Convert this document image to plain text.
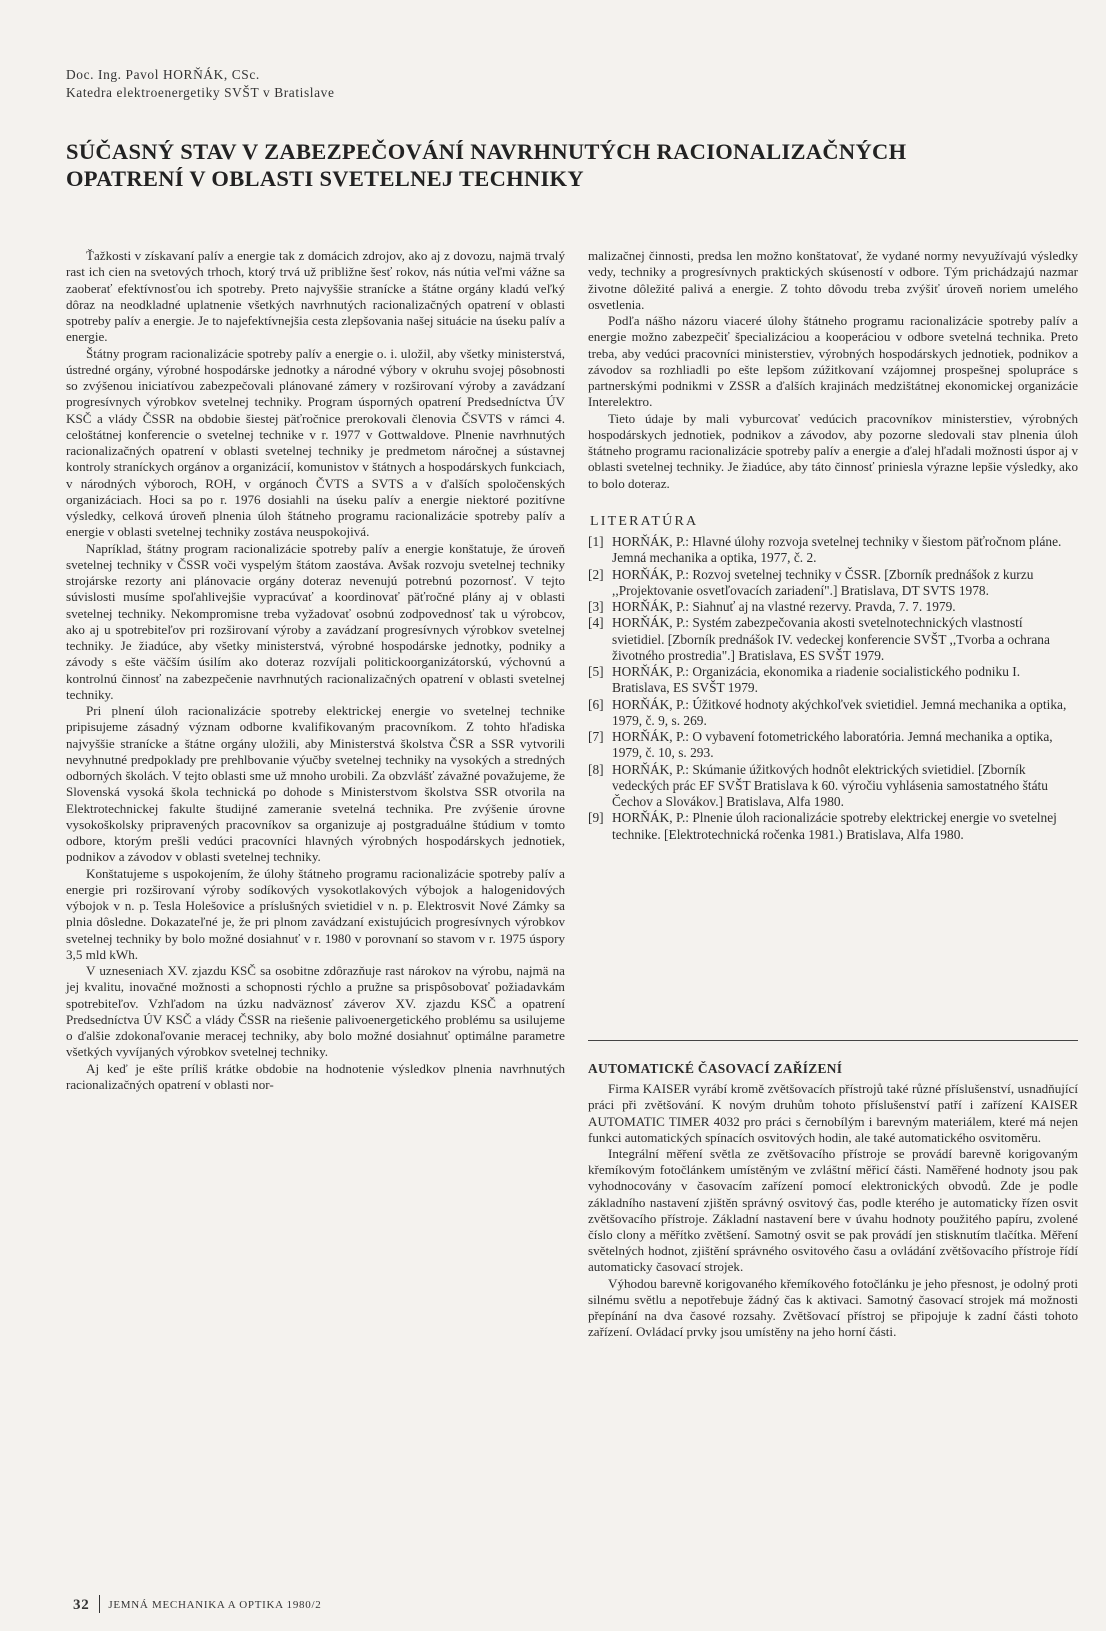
Doc. Ing. Pavol HORŇÁK, CSc.
Katedra elektroenergetiky SVŠT v Bratislave
SÚČASNÝ STAV V ZABEZPEČOVÁNÍ NAVRHNUTÝCH RACIONALIZAČNÝCH
OPATRENÍ V OBLASTI SVETELNEJ TECHNIKY

Ťažkosti v získavaní palív a energie tak z domácich zdrojov, ako aj z dovozu, najmä trvalý rast ich cien na svetových trhoch, ktorý trvá už približne šesť rokov, nás nútia veľmi vážne sa zaoberať efektívnosťou ich spotreby. Preto najvyššie stranícke a štátne orgány kladú veľký dôraz na neodkladné uplatnenie všetkých navrhnutých racionalizačných opatrení v oblasti spotreby palív a energie. Je to najefektívnejšia cesta zlepšovania našej situácie na úseku palív a energie.

Štátny program racionalizácie spotreby palív a energie o. i. uložil, aby všetky ministerstvá, ústredné orgány, výrobné hospodárske jednotky a národné výbory v okruhu svojej pôsobnosti so zvýšenou iniciatívou zabezpečovali plánované zámery v rozširovaní výroby a zavádzaní progresívnych výrobkov svetelnej techniky. Program úsporných opatrení Predsedníctva ÚV KSČ a vlády ČSSR na obdobie šiestej päťročnice prerokovali členovia ČSVTS v rámci 4. celoštátnej konferencie o svetelnej technike v r. 1977 v Gottwaldove. Plnenie navrhnutých racionalizačných opatrení v oblasti svetelnej techniky je predmetom náročnej a sústavnej kontroly straníckych orgánov a organizácií, komunistov v štátnych a hospodárskych funkciach, v národných výboroch, ROH, v orgánoch ČVTS a SVTS a v ďalších spoločenských organizáciach. Hoci sa po r. 1976 dosiahli na úseku palív a energie niektoré pozitívne výsledky, celková úroveň plnenia úloh štátneho programu racionalizácie spotreby palív a energie v oblasti svetelnej techniky zostáva neuspokojivá.

Napríklad, štátny program racionalizácie spotreby palív a energie konštatuje, že úroveň svetelnej techniky v ČSSR voči vyspelým štátom zaostáva. Avšak rozvoju svetelnej techniky strojárske rezorty ani plánovacie orgány doteraz nevenujú potrebnú pozornosť. V tejto súvislosti musíme spoľahlivejšie vypracúvať a koordinovať päťročné plány aj v oblasti svetelnej techniky. Nekompromisne treba vyžadovať osobnú zodpovednosť tak u výrobcov, ako aj u spotrebiteľov pri rozširovaní výroby a zavádzaní progresívnych výrobkov svetelnej techniky. Je žiadúce, aby všetky ministerstvá, výrobné hospodárske jednotky, podniky a závody s ešte väčším úsilím ako doteraz rozvíjali politickoorganizátorskú, výchovnú a kontrolnú činnosť na zabezpečenie navrhnutých racionalizačných opatrení v oblasti svetelnej techniky.

Pri plnení úloh racionalizácie spotreby elektrickej energie vo svetelnej technike pripisujeme zásadný význam odborne kvalifikovaným pracovníkom. Z tohto hľadiska najvyššie stranícke a štátne orgány uložili, aby Ministerstvá školstva ČSR a SSR vytvorili nevyhnutné predpoklady pre prehlbovanie výučby svetelnej techniky na vysokých a stredných odborných školách. V tejto oblasti sme už mnoho urobili. Za obzvlášť závažné považujeme, že Slovenská vysoká škola technická po dohode s Ministerstvom školstva SSR otvorila na Elektrotechnickej fakulte študijné zameranie svetelná technika. Pre zvýšenie úrovne vysokoškolsky pripravených pracovníkov sa organizuje aj postgraduálne štúdium v tomto odbore, ktorým prešli vedúci pracovníci hlavných výrobných hospodárskych jednotiek, podnikov a závodov v oblasti svetelnej techniky.

Konštatujeme s uspokojením, že úlohy štátneho programu racionalizácie spotreby palív a energie pri rozširovaní výroby sodíkových vysokotlakových výbojok a halogenidových výbojok v n. p. Tesla Holešovice a príslušných svietidiel v n. p. Elektrosvit Nové Zámky sa plnia dôsledne. Dokazateľné je, že pri plnom zavádzaní existujúcich progresívnych výrobkov svetelnej techniky by bolo možné dosiahnuť v r. 1980 v porovnaní so stavom v r. 1975 úspory 3,5 mld kWh.

V uzneseniach XV. zjazdu KSČ sa osobitne zdôrazňuje rast nárokov na výrobu, najmä na jej kvalitu, inovačné možnosti a schopnosti rýchlo a pružne sa prispôsobovať požiadavkám spotrebiteľov. Vzhľadom na úzku nadväznosť záverov XV. zjazdu KSČ a opatrení Predsedníctva ÚV KSČ a vlády ČSSR na riešenie palivoenergetického problému sa usilujeme o ďalšie zdokonaľovanie meracej techniky, aby bolo možné dosiahnuť optimálne parametre všetkých vyvíjaných výrobkov svetelnej techniky.

Aj keď je ešte príliš krátke obdobie na hodnotenie výsledkov plnenia navrhnutých racionalizačných opatrení v oblasti nor-

malizačnej činnosti, predsa len možno konštatovať, že vydané normy nevyužívajú výsledky vedy, techniky a progresívnych praktických skúseností v odbore. Tým prichádzajú nazmar životne dôležité palivá a energie. Z tohto dôvodu treba zvýšiť úroveň noriem umelého osvetlenia.

Podľa nášho názoru viaceré úlohy štátneho programu racionalizácie spotreby palív a energie možno zabezpečiť špecializáciou a kooperáciou v odbore svetelná technika. Preto treba, aby vedúci pracovníci ministerstiev, výrobných hospodárskych jednotiek, podnikov a závodov sa rozhliadli po ešte lepšom zúžitkovaní vzájomnej prospešnej spolupráce s partnerskými podnikmi v ZSSR a ďalších krajinách medzištátnej ekonomickej organizácie Interelektro.

Tieto údaje by mali vyburcovať vedúcich pracovníkov ministerstiev, výrobných hospodárskych jednotiek, podnikov a závodov, aby pozorne sledovali stav plnenia úloh štátneho programu racionalizácie spotreby palív a energie a ďalej hľadali možnosti úspor aj v oblasti svetelnej techniky. Je žiadúce, aby táto činnosť priniesla výrazne lepšie výsledky, ako to bolo doteraz.

LITERATÚRA
[1] HORŇÁK, P.: Hlavné úlohy rozvoja svetelnej techniky v šiestom päťročnom pláne. Jemná mechanika a optika, 1977, č. 2.
[2] HORŇÁK, P.: Rozvoj svetelnej techniky v ČSSR. [Zborník prednášok z kurzu ,,Projektovanie osvetľovacích zariadení".] Bratislava, DT SVTS 1978.
[3] HORŇÁK, P.: Siahnuť aj na vlastné rezervy. Pravda, 7. 7. 1979.
[4] HORŇÁK, P.: Systém zabezpečovania akosti svetelnotechnických vlastností svietidiel. [Zborník prednášok IV. vedeckej konferencie SVŠT ,,Tvorba a ochrana životného prostredia".] Bratislava, ES SVŠT 1979.
[5] HORŇÁK, P.: Organizácia, ekonomika a riadenie socialistického podniku I. Bratislava, ES SVŠT 1979.
[6] HORŇÁK, P.: Úžitkové hodnoty akýchkoľvek svietidiel. Jemná mechanika a optika, 1979, č. 9, s. 269.
[7] HORŇÁK, P.: O vybavení fotometrického laboratória. Jemná mechanika a optika, 1979, č. 10, s. 293.
[8] HORŇÁK, P.: Skúmanie úžitkových hodnôt elektrických svietidiel. [Zborník vedeckých prác EF SVŠT Bratislava k 60. výročiu vyhlásenia samostatného štátu Čechov a Slovákov.] Bratislava, Alfa 1980.
[9] HORŇÁK, P.: Plnenie úloh racionalizácie spotreby elektrickej energie vo svetelnej technike. [Elektrotechnická ročenka 1981.) Bratislava, Alfa 1980.
AUTOMATICKÉ ČASOVACÍ ZAŘÍZENÍ

Firma KAISER vyrábí kromě zvětšovacích přístrojů také různé příslušenství, usnadňující práci při zvětšování. K novým druhům tohoto příslušenství patří i zařízení KAISER AUTOMATIC TIMER 4032 pro práci s černobílým i barevným materiálem, které má nejen funkci automatických spínacích osvitových hodin, ale také automatického osvitoměru.

Integrální měření světla ze zvětšovacího přístroje se provádí barevně korigovaným křemíkovým fotočlánkem umístěným ve zvláštní měřicí části. Naměřené hodnoty jsou pak vyhodnocovány v časovacím zařízení pomocí elektronických obvodů. Zde je podle základního nastavení zjištěn správný osvitový čas, podle kterého je automaticky řízen osvit zvětšovacího přístroje. Základní nastavení bere v úvahu hodnoty použitého papíru, zvolené číslo clony a měřítko zvětšení. Samotný osvit se pak provádí jen stisknutím tlačítka. Měření světelných hodnot, zjištění správného osvitového času a ovládání zvětšovacího přístroje řídí automaticky časovací strojek.

Výhodou barevně korigovaného křemíkového fotočlánku je jeho přesnost, je odolný proti silnému světlu a nepotřebuje žádný čas k aktivaci. Samotný časovací strojek má možnosti přepínání na dva časové rozsahy. Zvětšovací přístroj se připojuje k zadní části tohoto zařízení. Ovládací prvky jsou umístěny na jeho horní části.

32 JEMNÁ MECHANIKA A OPTIKA 1980/2
